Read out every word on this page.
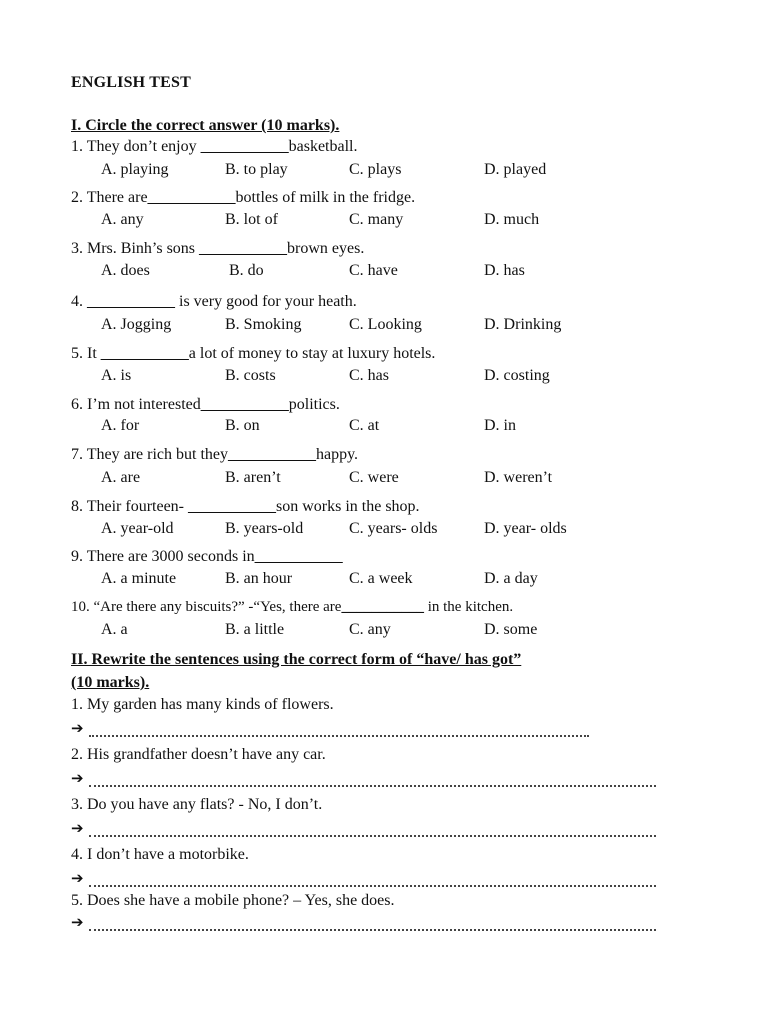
ENGLISH TEST
I. Circle the correct answer (10 marks).
1. They don’t enjoy ___________basketball.
A. playing	B. to play	C. plays	D. played
2. There are___________bottles of milk in the fridge.
A. any	B. lot of	C. many	D. much
3. Mrs. Binh’s sons ___________brown eyes.
A. does	B. do	C. have	D. has
4. ___________ is very good for your heath.
A. Jogging	B. Smoking	C. Looking	D. Drinking
5. It ___________a lot of money to stay at luxury hotels.
A. is	B. costs	C. has	D. costing
6. I’m not interested___________politics.
A. for	B. on	C. at	D. in
7. They are rich but they___________happy.
A. are	B. aren’t	C. were	D. weren’t
8. Their fourteen- ___________son works in the shop.
A. year-old	B. years-old	C. years- olds	D. year- olds
9. There are 3000 seconds in___________
A. a minute	B. an hour	C. a week	D. a day
10. “Are there any biscuits?” -“Yes, there are___________ in the kitchen.
A. a	B. a little	C. any	D. some
II. Rewrite the sentences using the correct form of “have/ has got”
(10 marks).
1. My garden has many kinds of flowers.
➔
2. His grandfather doesn’t have any car.
➔
3. Do you have any flats? - No, I don’t.
➔
4. I don’t have a motorbike.
➔
5. Does she have a mobile phone? – Yes, she does.
➔
